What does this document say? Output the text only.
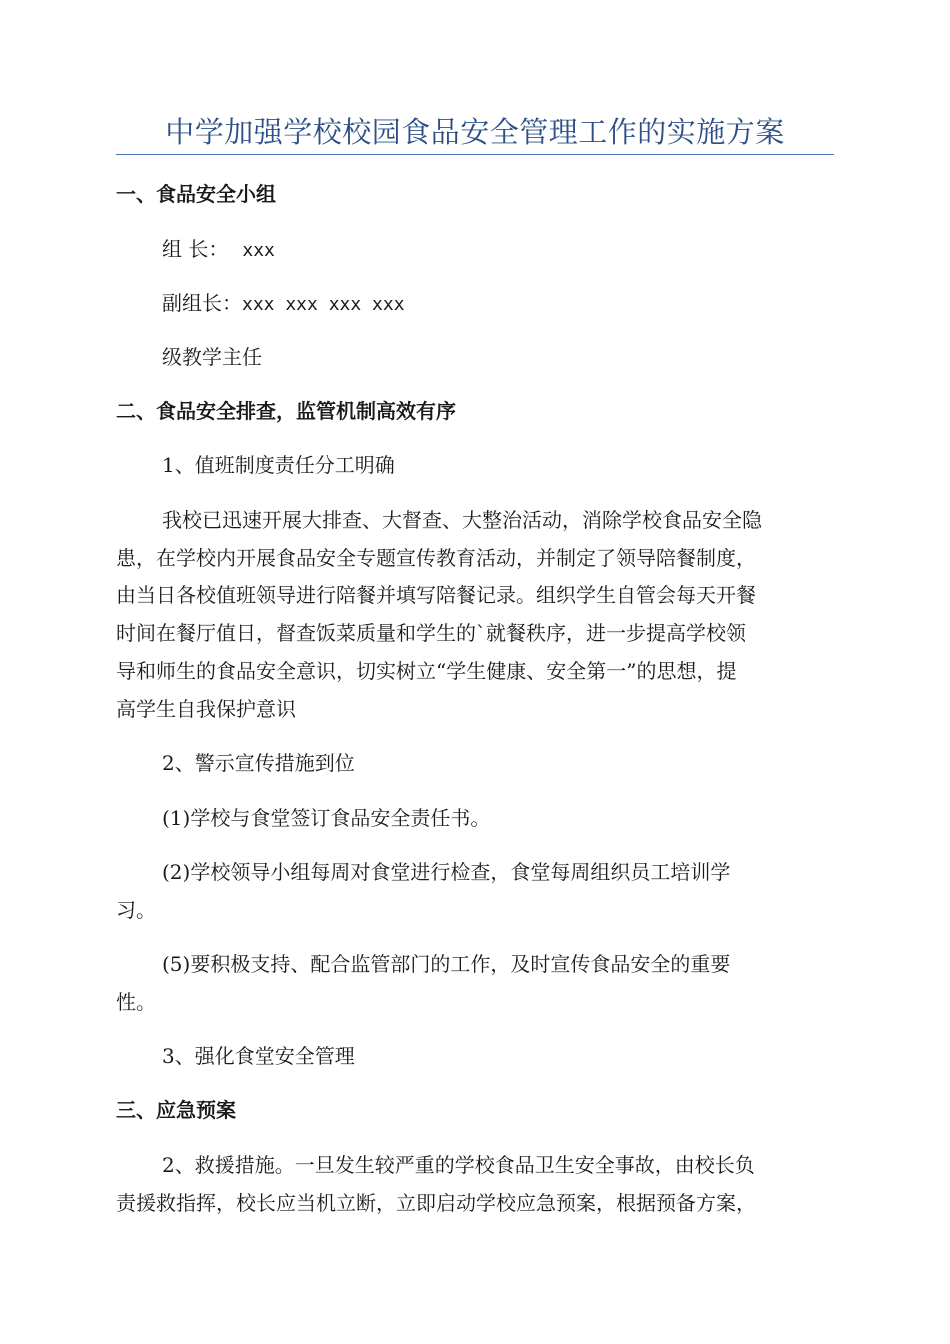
中学加强学校校园食品安全管理工作的实施方案
一、食品安全小组
组 长： xxx
副组长：xxx xxx xxx xxx
级教学主任
二、食品安全排查，监管机制高效有序
1、值班制度责任分工明确
我校已迅速开展大排查、大督查、大整治活动，消除学校食品安全隐
患，在学校内开展食品安全专题宣传教育活动，并制定了领导陪餐制度，
由当日各校值班领导进行陪餐并填写陪餐记录。组织学生自管会每天开餐
时间在餐厅值日，督查饭菜质量和学生的`就餐秩序，进一步提高学校领
导和师生的食品安全意识，切实树立“学生健康、安全第一”的思想，提
高学生自我保护意识
2、警示宣传措施到位
(1)学校与食堂签订食品安全责任书。
(2)学校领导小组每周对食堂进行检查，食堂每周组织员工培训学
习。
(5)要积极支持、配合监管部门的工作，及时宣传食品安全的重要
性。
3、强化食堂安全管理
三、应急预案
2、救援措施。一旦发生较严重的学校食品卫生安全事故，由校长负
责援救指挥，校长应当机立断，立即启动学校应急预案，根据预备方案，
